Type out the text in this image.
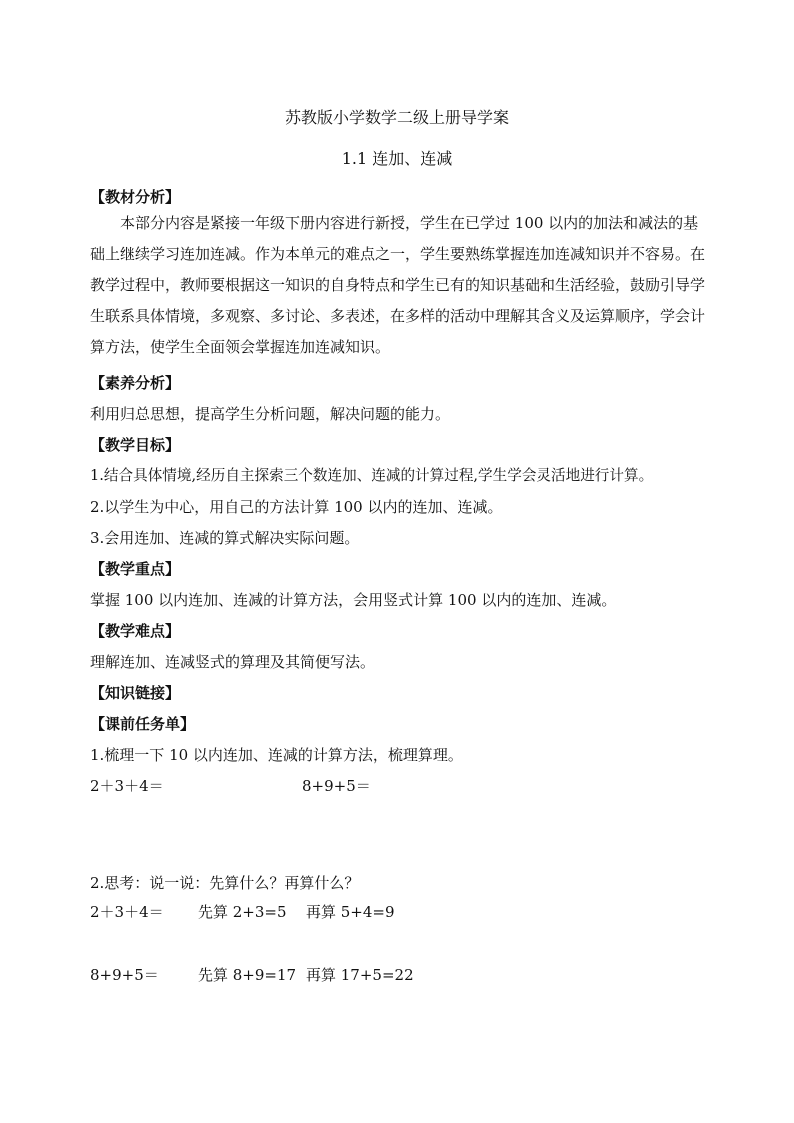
苏教版小学数学二级上册导学案
1.1 连加、连减
【教材分析】
本部分内容是紧接一年级下册内容进行新授，学生在已学过 100 以内的加法和减法的基础上继续学习连加连减。作为本单元的难点之一，学生要熟练掌握连加连减知识并不容易。在教学过程中，教师要根据这一知识的自身特点和学生已有的知识基础和生活经验，鼓励引导学生联系具体情境，多观察、多讨论、多表述，在多样的活动中理解其含义及运算顺序，学会计算方法，使学生全面领会掌握连加连减知识。
【素养分析】
利用归总思想，提高学生分析问题，解决问题的能力。
【教学目标】
1.结合具体情境,经历自主探索三个数连加、连减的计算过程,学生学会灵活地进行计算。
2.以学生为中心，用自己的方法计算 100 以内的连加、连减。
3.会用连加、连减的算式解决实际问题。
【教学重点】
掌握 100 以内连加、连减的计算方法，会用竖式计算 100 以内的连加、连减。
【教学难点】
理解连加、连减竖式的算理及其简便写法。
【知识链接】
【课前任务单】
1.梳理一下 10 以内连加、连减的计算方法，梳理算理。
2＋3＋4＝	8+9+5＝
2.思考：说一说：先算什么？再算什么？
2＋3＋4＝ 先算 2+3=5 再算 5+4=9
8+9+5＝	先算 8+9=17 再算 17+5=22
